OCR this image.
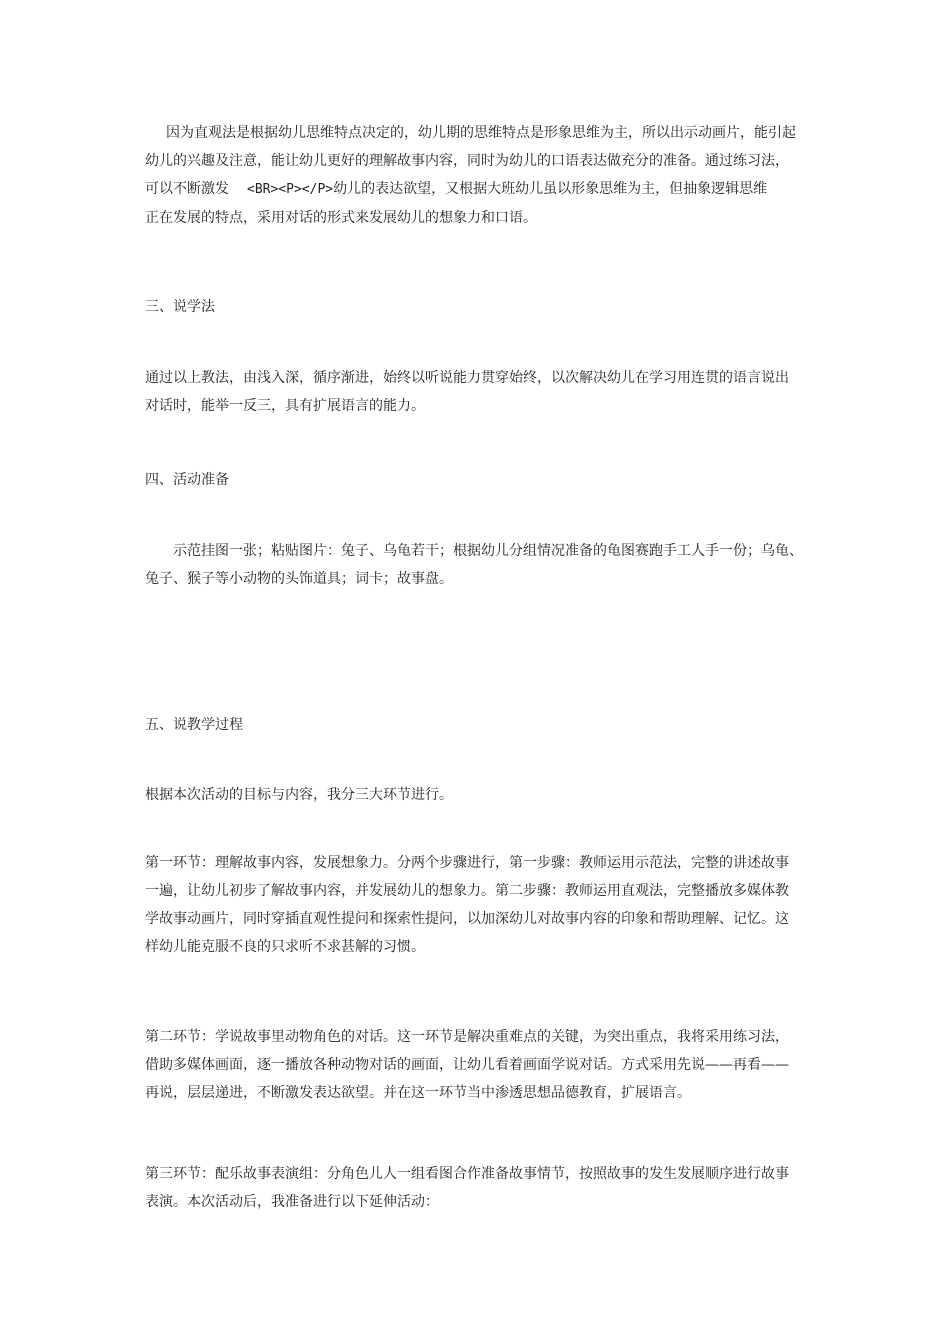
因为直观法是根据幼儿思维特点决定的，幼儿期的思维特点是形象思维为主，所以出示动画片，能引起
幼儿的兴趣及注意，能让幼儿更好的理解故事内容，同时为幼儿的口语表达做充分的准备。通过练习法，
可以不断激发 <BR><P></P>幼儿的表达欲望，又根据大班幼儿虽以形象思维为主，但抽象逻辑思维
正在发展的特点，采用对话的形式来发展幼儿的想象力和口语。
三、说学法
通过以上教法，由浅入深，循序渐进，始终以听说能力贯穿始终，以次解决幼儿在学习用连贯的语言说出
对话时，能举一反三，具有扩展语言的能力。
四、活动准备
示范挂图一张；粘贴图片：兔子、乌龟若干；根据幼儿分组情况准备的龟图赛跑手工人手一份；乌龟、
兔子、猴子等小动物的头饰道具；词卡；故事盘。
五、说教学过程
根据本次活动的目标与内容，我分三大环节进行。
第一环节：理解故事内容，发展想象力。分两个步骤进行，第一步骤：教师运用示范法，完整的讲述故事
一遍，让幼儿初步了解故事内容，并发展幼儿的想象力。第二步骤：教师运用直观法，完整播放多媒体教
学故事动画片，同时穿插直观性提问和探索性提问，以加深幼儿对故事内容的印象和帮助理解、记忆。这
样幼儿能克服不良的只求听不求甚解的习惯。
第二环节：学说故事里动物角色的对话。这一环节是解决重难点的关键，为突出重点，我将采用练习法，
借助多媒体画面，逐一播放各种动物对话的画面，让幼儿看着画面学说对话。方式采用先说——再看——
再说，层层递进，不断激发表达欲望。并在这一环节当中渗透思想品德教育，扩展语言。
第三环节：配乐故事表演组：分角色儿人一组看图合作准备故事情节，按照故事的发生发展顺序进行故事
表演。本次活动后，我准备进行以下延伸活动：
